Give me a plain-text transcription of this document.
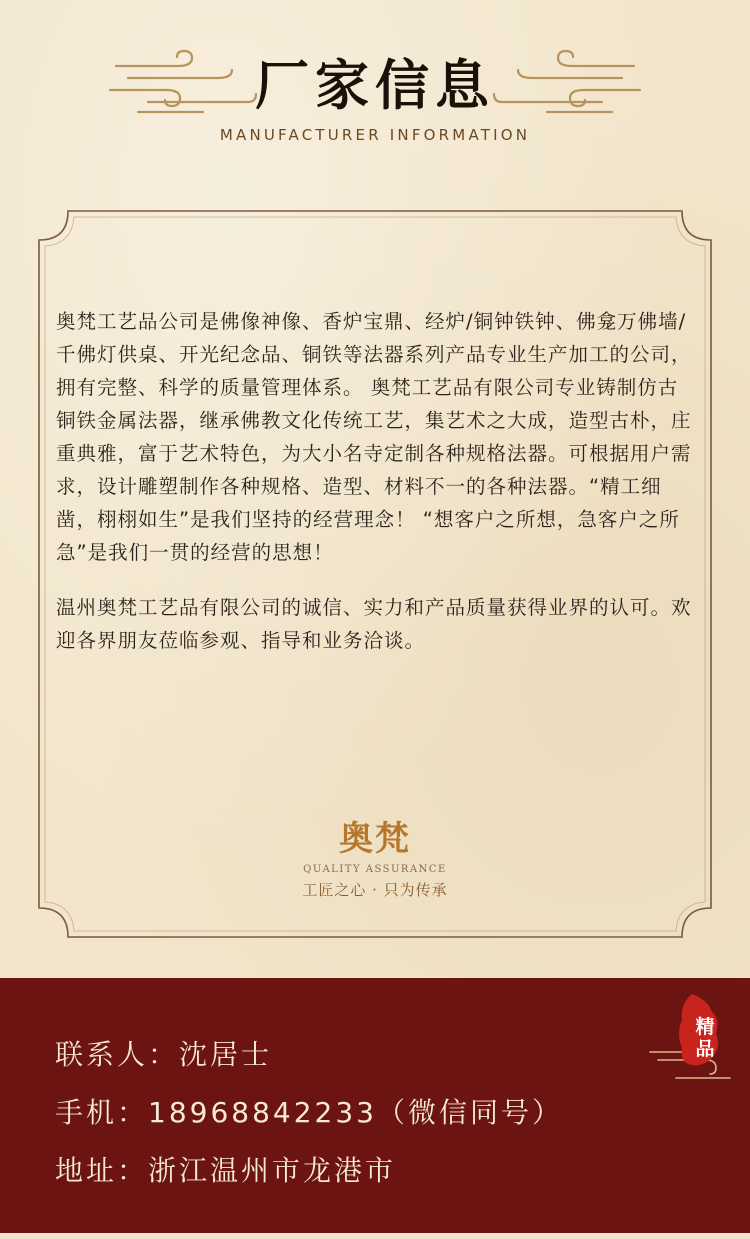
厂家信息
MANUFACTURER INFORMATION

奥梵工艺品公司是佛像神像、香炉宝鼎、经炉/铜钟铁钟、佛龛万佛墙/千佛灯供桌、开光纪念品、铜铁等法器系列产品专业生产加工的公司，拥有完整、科学的质量管理体系。 奥梵工艺品有限公司专业铸制仿古铜铁金属法器，继承佛教文化传统工艺，集艺术之大成，造型古朴，庄重典雅，富于艺术特色，为大小名寺定制各种规格法器。可根据用户需求，设计雕塑制作各种规格、造型、材料不一的各种法器。“精工细凿，栩栩如生”是我们坚持的经营理念！ “想客户之所想，急客户之所急”是我们一贯的经营的思想！

温州奥梵工艺品有限公司的诚信、实力和产品质量获得业界的认可。欢迎各界朋友莅临参观、指导和业务洽谈。

奥梵
QUALITY ASSURANCE
工匠之心 · 只为传承
联系人：沈居士
手机：18968842233（微信同号）
地址：浙江温州市龙港市
精品
